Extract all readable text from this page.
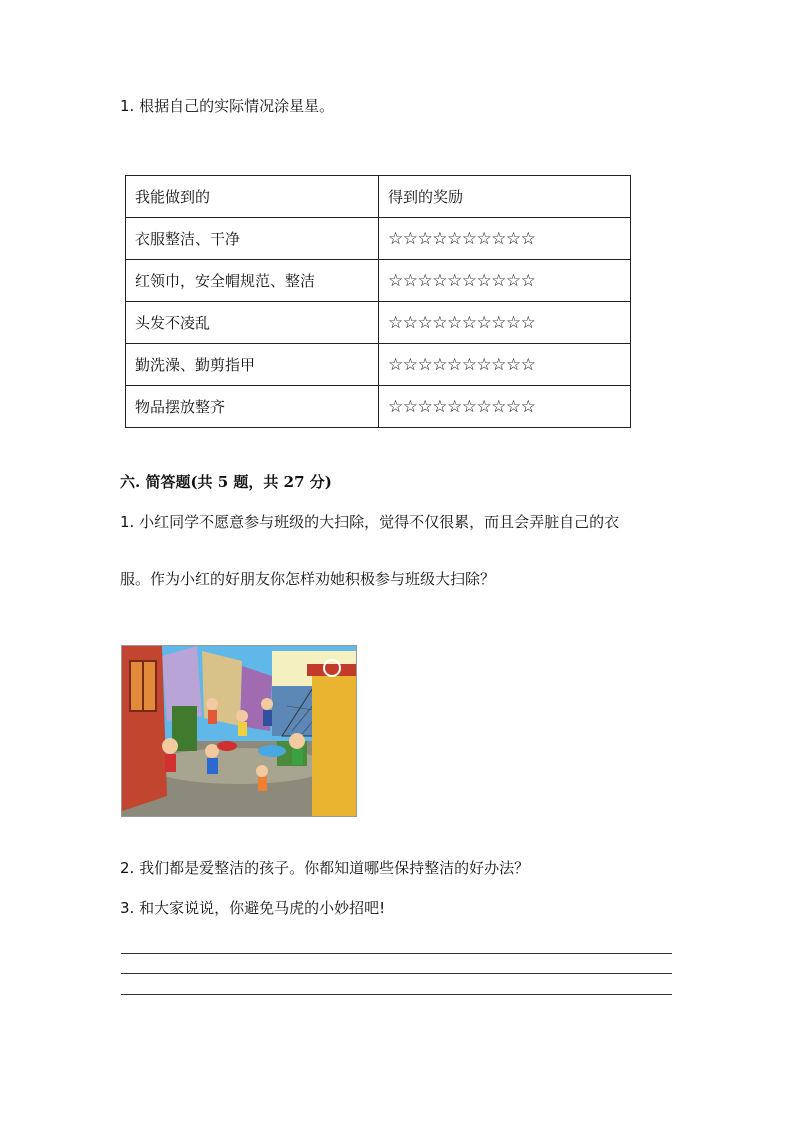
1. 根据自己的实际情况涂星星。
我能做到的	得到的奖励
衣服整洁、干净	☆☆☆☆☆☆☆☆☆☆
红领巾，安全帽规范、整洁	☆☆☆☆☆☆☆☆☆☆
头发不凌乱	☆☆☆☆☆☆☆☆☆☆
勤洗澡、勤剪指甲	☆☆☆☆☆☆☆☆☆☆
物品摆放整齐	☆☆☆☆☆☆☆☆☆☆
六. 简答题(共 5 题，共 27 分)
1. 小红同学不愿意参与班级的大扫除，觉得不仅很累，而且会弄脏自己的衣
服。作为小红的好朋友你怎样劝她积极参与班级大扫除？
2. 我们都是爱整洁的孩子。你都知道哪些保持整洁的好办法？
3. 和大家说说，你避免马虎的小妙招吧!
